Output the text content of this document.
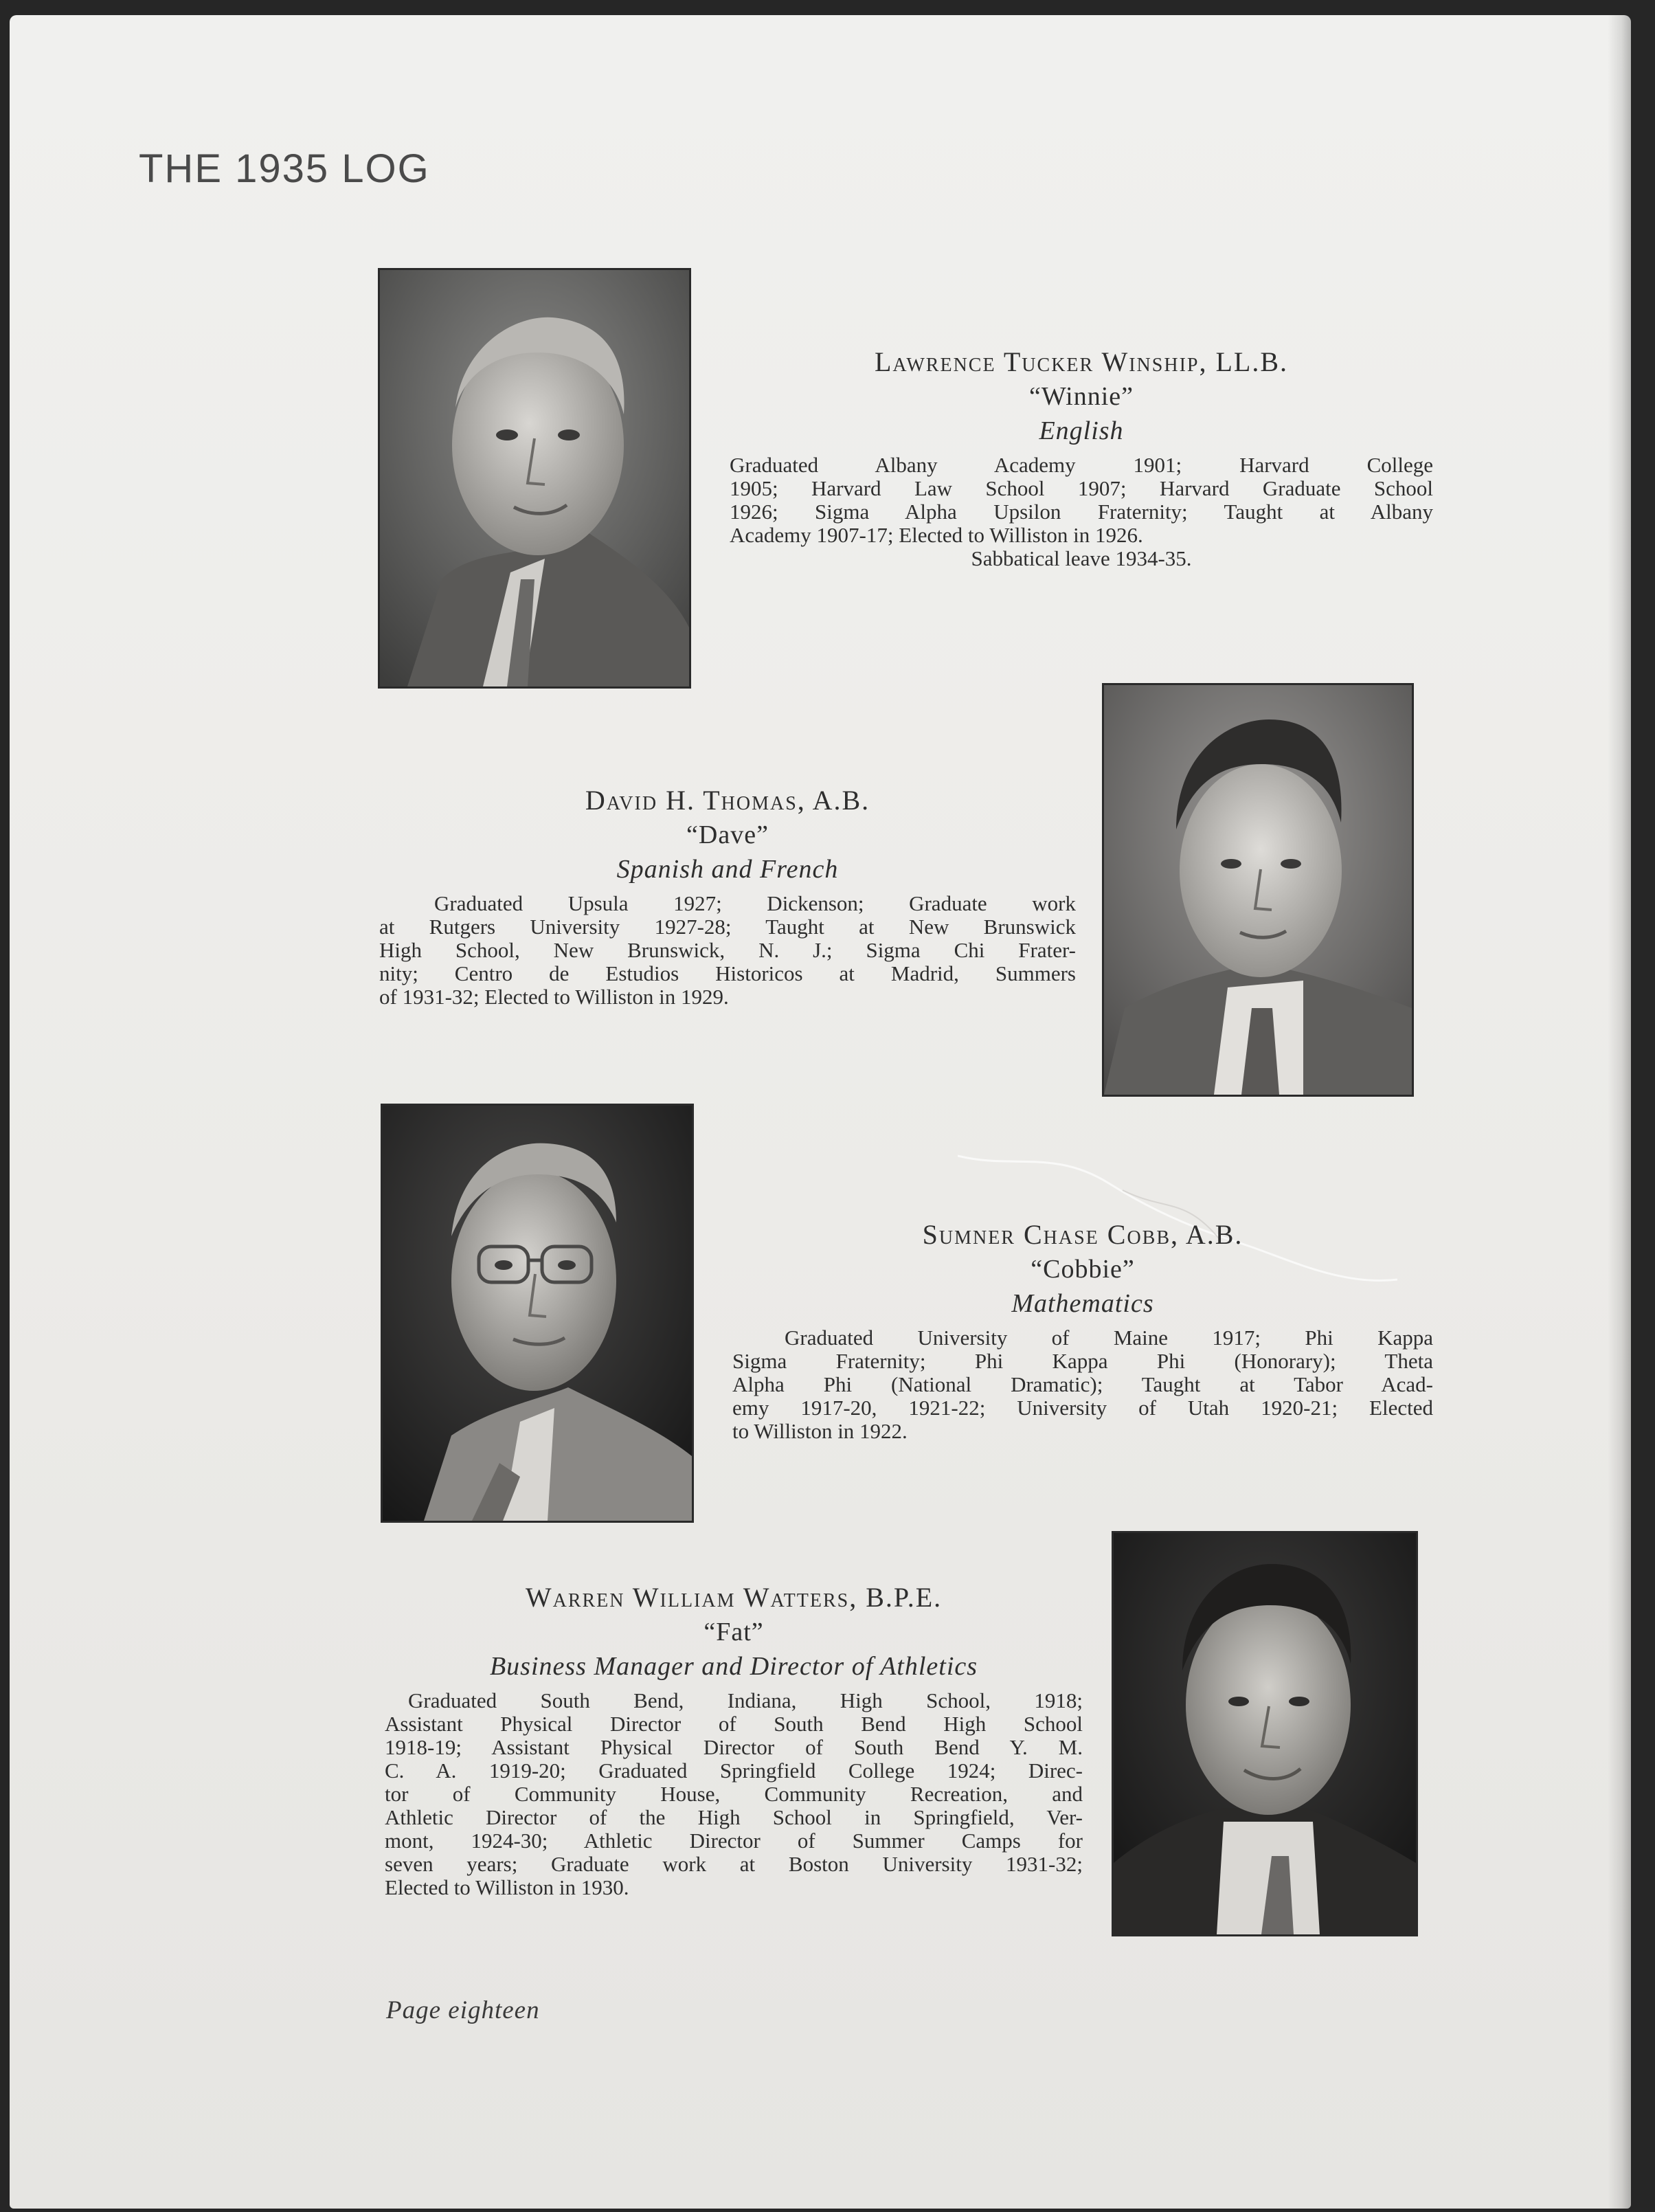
THE 1935 LOG
Lawrence Tucker Winship, LL.B.
“Winnie”
English
Graduated Albany Academy 1901; Harvard College
1905; Harvard Law School 1907; Harvard Graduate School
1926; Sigma Alpha Upsilon Fraternity; Taught at Albany
Academy 1907-17; Elected to Williston in 1926.
Sabbatical leave 1934-35.
David H. Thomas, A.B.
“Dave”
Spanish and French
Graduated Upsula 1927; Dickenson; Graduate work
at Rutgers University 1927-28; Taught at New Brunswick
High School, New Brunswick, N. J.; Sigma Chi Frater-
nity; Centro de Estudios Historicos at Madrid, Summers
of 1931-32; Elected to Williston in 1929.
Sumner Chase Cobb, A.B.
“Cobbie”
Mathematics
Graduated University of Maine 1917; Phi Kappa
Sigma Fraternity; Phi Kappa Phi (Honorary); Theta
Alpha Phi (National Dramatic); Taught at Tabor Acad-
emy 1917-20, 1921-22; University of Utah 1920-21; Elected
to Williston in 1922.
Warren William Watters, B.P.E.
“Fat”
Business Manager and Director of Athletics
Graduated South Bend, Indiana, High School, 1918;
Assistant Physical Director of South Bend High School
1918-19; Assistant Physical Director of South Bend Y. M.
C. A. 1919-20; Graduated Springfield College 1924; Direc-
tor of Community House, Community Recreation, and
Athletic Director of the High School in Springfield, Ver-
mont, 1924-30; Athletic Director of Summer Camps for
seven years; Graduate work at Boston University 1931-32;
Elected to Williston in 1930.
Page eighteen
